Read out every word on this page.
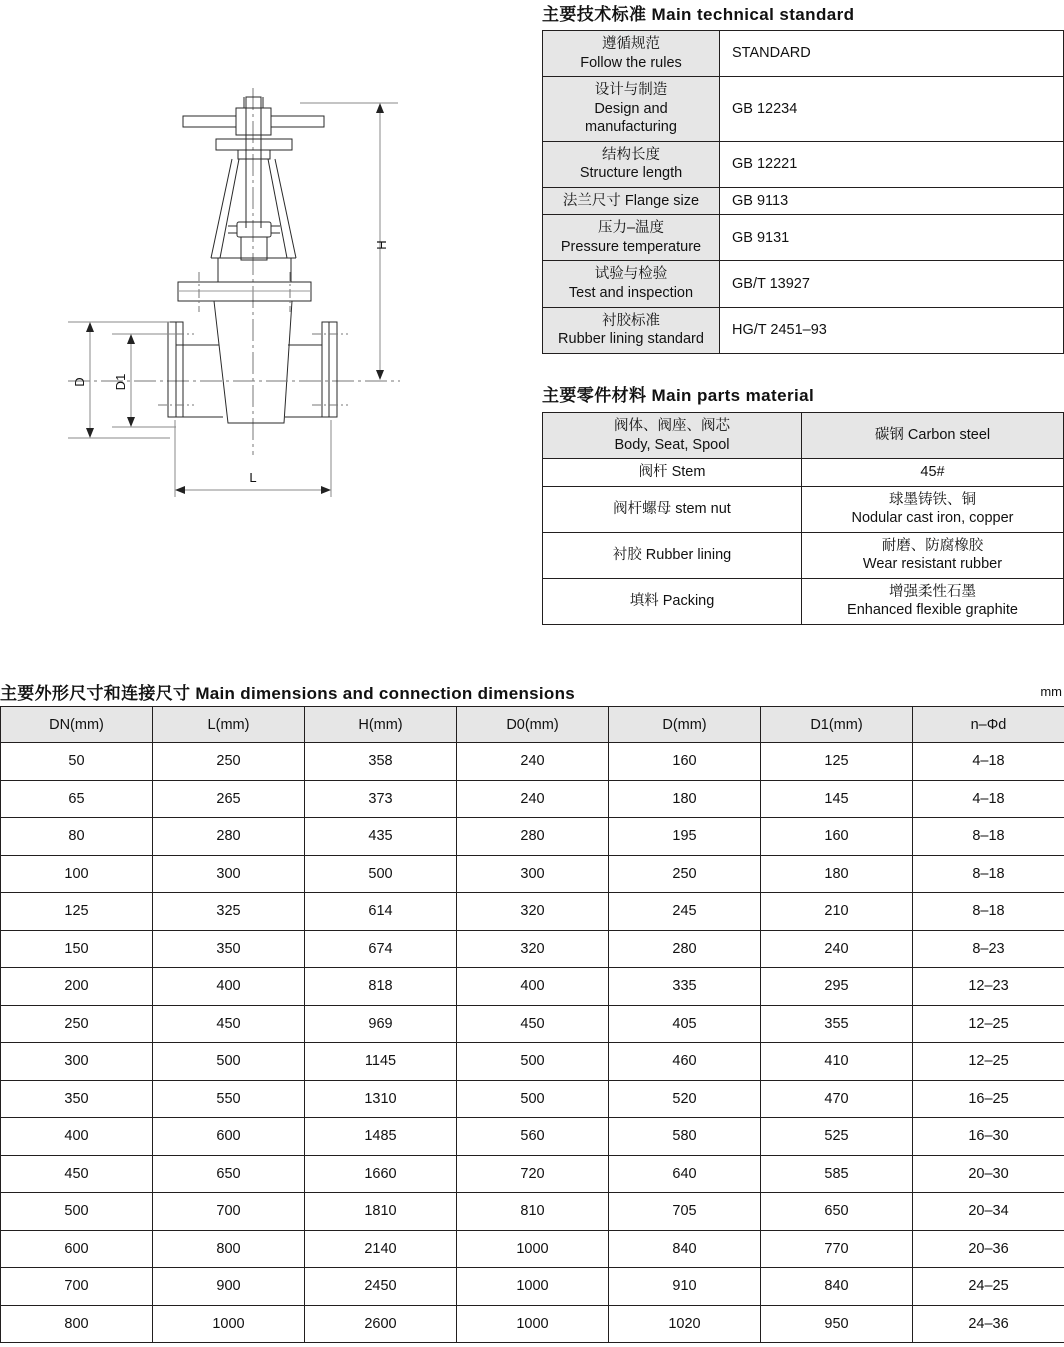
H
D D1
L
主要技术标准 Main technical standard
遵循规范
Follow the rules	STANDARD

设计与制造
Design and manufacturing	GB 12234

结构长度
Structure length	GB 12221

法兰尺寸 Flange size	GB 9113

压力–温度
Pressure temperature	GB 9131

试验与检验
Test and inspection	GB/T 13927

衬胶标准
Rubber lining standard	HG/T 2451–93
主要零件材料 Main parts material
阀体、阀座、阀芯
Body, Seat, Spool	碳钢 Carbon steel

阀杆 Stem	45#

阀杆螺母 stem nut	球墨铸铁、铜
Nodular cast iron, copper

衬胶 Rubber lining	耐磨、防腐橡胶
Wear resistant rubber

填料 Packing	增强柔性石墨
Enhanced flexible graphite
主要外形尺寸和连接尺寸 Main dimensions and connection dimensions	mm
DN(mm)	L(mm)	H(mm)	D0(mm)	D(mm)	D1(mm)	n–Φd
50	250	358	240	160	125	4–18
65	265	373	240	180	145	4–18
80	280	435	280	195	160	8–18
100	300	500	300	250	180	8–18
125	325	614	320	245	210	8–18
150	350	674	320	280	240	8–23
200	400	818	400	335	295	12–23
250	450	969	450	405	355	12–25
300	500	1145	500	460	410	12–25
350	550	1310	500	520	470	16–25
400	600	1485	560	580	525	16–30
450	650	1660	720	640	585	20–30
500	700	1810	810	705	650	20–34
600	800	2140	1000	840	770	20–36
700	900	2450	1000	910	840	24–25
800	1000	2600	1000	1020	950	24–36
